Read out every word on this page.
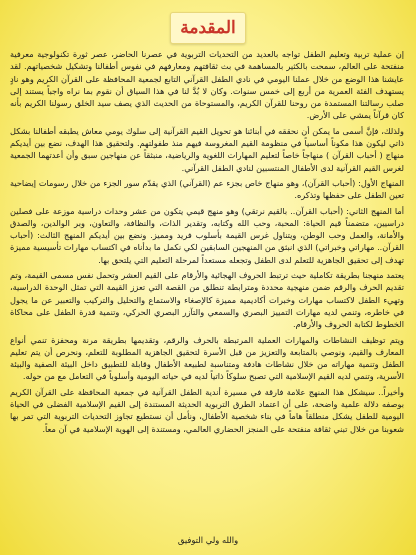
المقدمة

إن عملية تربية وتعليم الطفل تواجه بالعديد من التحديات التربوية في عصرنا الحاضر، عصر ثورة تكنولوجية معرفية منفتحة على العالم، سمحت بالكثير بالمساهمة في بث ثقافتهم ومعارفهم في نفوس أطفالنا وتشكيل شخصياتهم. لقد عايشنا هذا الوضع من خلال عملنا اليومي في نادي الطفل القرآني التابع لجمعية المحافظة على القرآن الكريم وهو نادٍ يستهدف الفئة العمرية من أربع إلى خمس سنوات. وكان لا بُدَّ لنا في هذا السياق أن نقوم بما نراه واجباً يستند إلى صلب رسالتنا المستمدة من روحنا للقرآن الكريم، والمستوحاة من الحديث الذي يصف سيد الخلق رسولنا الكريم بأنه كان قرآناً يمشي على الأرض.

ولذلك، فإنَّ أسمى ما يمكن أن نحققه في أبنائنا هو تحويل القيم القرآنية إلى سلوك يومي معاش يطبقه أطفالنا بشكل ذاتي ليكون هذا مكوناً أساسياً في منظومة القيم المغروسة فيهم منذ طفولتهم. ولتحقيق هذا الهدف، نضع بين أيديكم منهاج ( أحباب القرآن ) منهاجاً خاصاً لتعليم المهارات اللغوية والرياضية، منبثقاً عن منهاجين سبق وأن أعدتهما الجمعية لغرس القيم القرآنية لدى الأطفال المنتسبين لنادي الطفل القرآني.

المنهاج الأول: (أحباب القرآن)، وهو منهاج خاص بجزء عم (القرآني) الذي يقدّم سور الجزء من خلال رسومات إيضاحية تعين الطفل على حفظها وتذكره.

أما المنهج الثاني: (أحباب القرآن.. بالقيم نرتقي) وهو منهج قيمي يتكون من عشر وحدات دراسية موزعة على فصلين دراسيين، متضمناً قيم الحياة: المحبة، وحب الله وكتابه، وتقدير الذات، والنظافة، والتعاون، وبر الوالدين، والصدق والأمانة، والعمل وحب الوطن، ويتناول غرس القيمة بأسلوب فريد ومميز. ونضع بين أيديكم المنهج الثالث: (أحباب القرآن.. مهاراتي وخبراتي) الذي انبثق من المنهجين السابقين لكي نكمل ما بدأناه في اكتساب مهارات تأسيسية مميزة تهدف إلى تحقيق الجاهزية للتعلم لدى الطفل وتجعله مستعداً لمرحلة التعليم التي يلتحق بها.

يعتمد منهجنا بطريقة تكاملية حيث ترتبط الحروف الهجائية والأرقام على القيم العشر وتحمل نفس مسمى القيمة، وتم تقديم الحرف والرقم ضمن منهجية محددة ومترابطة تنطلق من القصة التي تعزز القيمة التي تمثل الوحدة الدراسية، وتهيء الطفل لاكتساب مهارات وخبرات أكاديمية مميزة كالإصغاء والاستماع والتحليل والتركيب والتعبير عن ما يجول في خاطره، وتنمي لديه مهارات التمييز البصري والسمعي والتآزر البصري الحركي، وتنمية قدرة الطفل على محاكاة الخطوط لكتابة الحروف والأرقام.

ويتم توظيف النشاطات والمهارات العملية المرتبطة بالحرف والرقم، وتقديمها بطريقة مرنة ومحفزة تنمي أنواع المعارف والقيم، ونوصي بالمتابعة والتعزيز من قبل الأسرة لتحقيق الجاهزية المطلوبة للتعلم، ونحرص أن يتم تعليم الطفل وتنمية مهاراته من خلال نشاطات هادفة ومتناسبة لطبيعة الأطفال وقابلة للتطبيق داخل البيئة الصفية والبيئة الأسرية، وتنمي لديه القيم الإسلامية التي تصبح سلوكاً ذاتياً لديه في حياته اليومية وأسلوباً في التعامل مع من حوله.

وأخيراً.. سيشكل هذا المنهج علامة فارقة في مسيرة أندية الطفل القرآنية في جمعية المحافظة على القرآن الكريم بوصفه دلالة علمية واضحة، على أن اعتماد الطرق التربوية الحديثة المستندة إلى القيم الإسلامية الفضلى في الحياة اليومية للطفل يشكل منطلقاً هاماً في بناء شخصية الأطفال، ونأمل أن نستطيع تجاوز التحديات التربوية التي تمر بها شعوبنا من خلال تبني ثقافة منفتحة على المنجز الحضاري العالمي، ومستندة إلى الهوية الإسلامية في آن معاً.

والله ولي التوفيق
